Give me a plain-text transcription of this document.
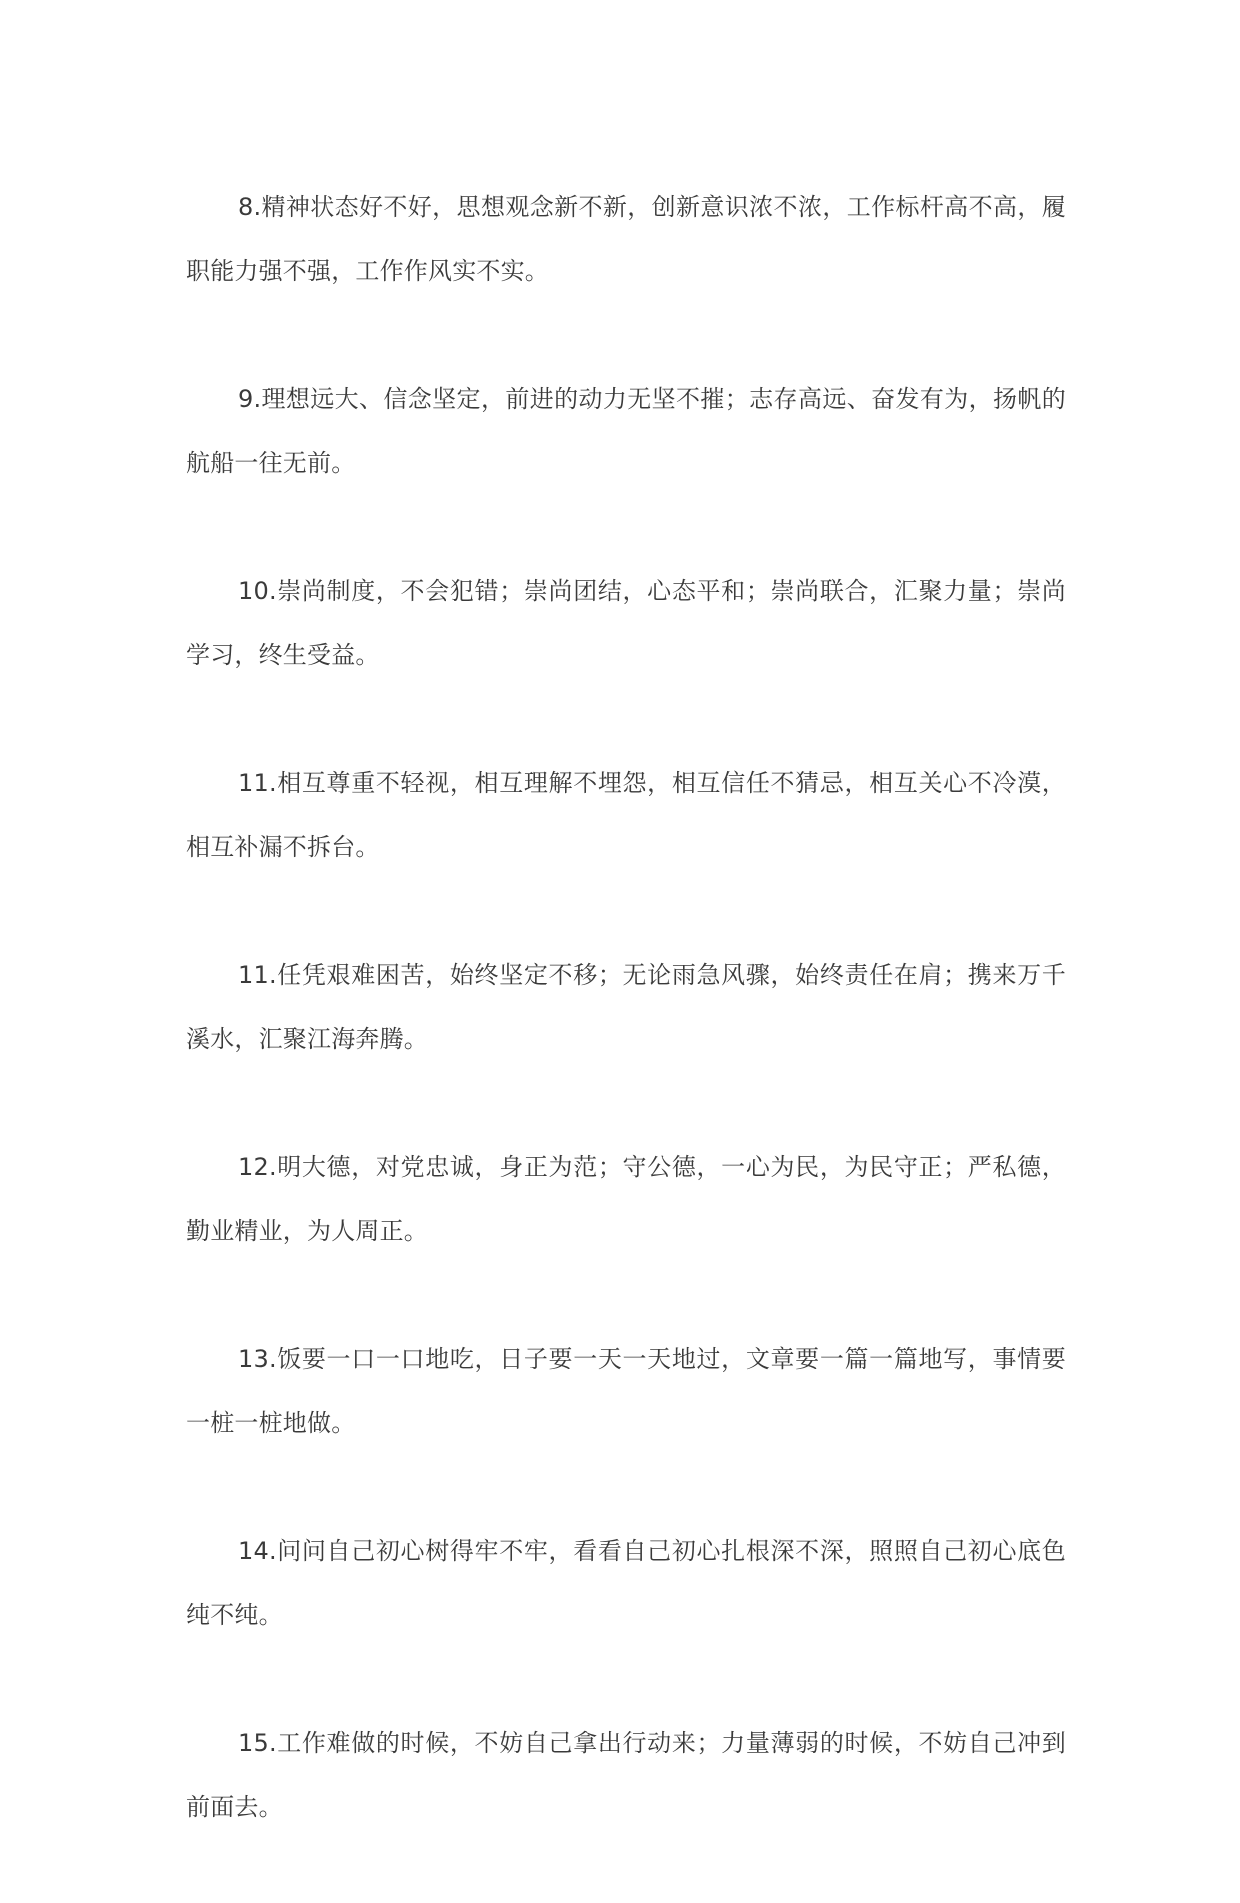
8.精神状态好不好，思想观念新不新，创新意识浓不浓，工作标杆高不高，履职能力强不强，工作作风实不实。

9.理想远大、信念坚定，前进的动力无坚不摧；志存高远、奋发有为，扬帆的航船一往无前。

10.崇尚制度，不会犯错；崇尚团结，心态平和；崇尚联合，汇聚力量；崇尚学习，终生受益。

11.相互尊重不轻视，相互理解不埋怨，相互信任不猜忌，相互关心不冷漠，相互补漏不拆台。

11.任凭艰难困苦，始终坚定不移；无论雨急风骤，始终责任在肩；携来万千溪水，汇聚江海奔腾。

12.明大德，对党忠诚，身正为范；守公德，一心为民，为民守正；严私德，勤业精业，为人周正。

13.饭要一口一口地吃，日子要一天一天地过，文章要一篇一篇地写，事情要一桩一桩地做。

14.问问自己初心树得牢不牢，看看自己初心扎根深不深，照照自己初心底色纯不纯。

15.工作难做的时候，不妨自己拿出行动来；力量薄弱的时候，不妨自己冲到前面去。
